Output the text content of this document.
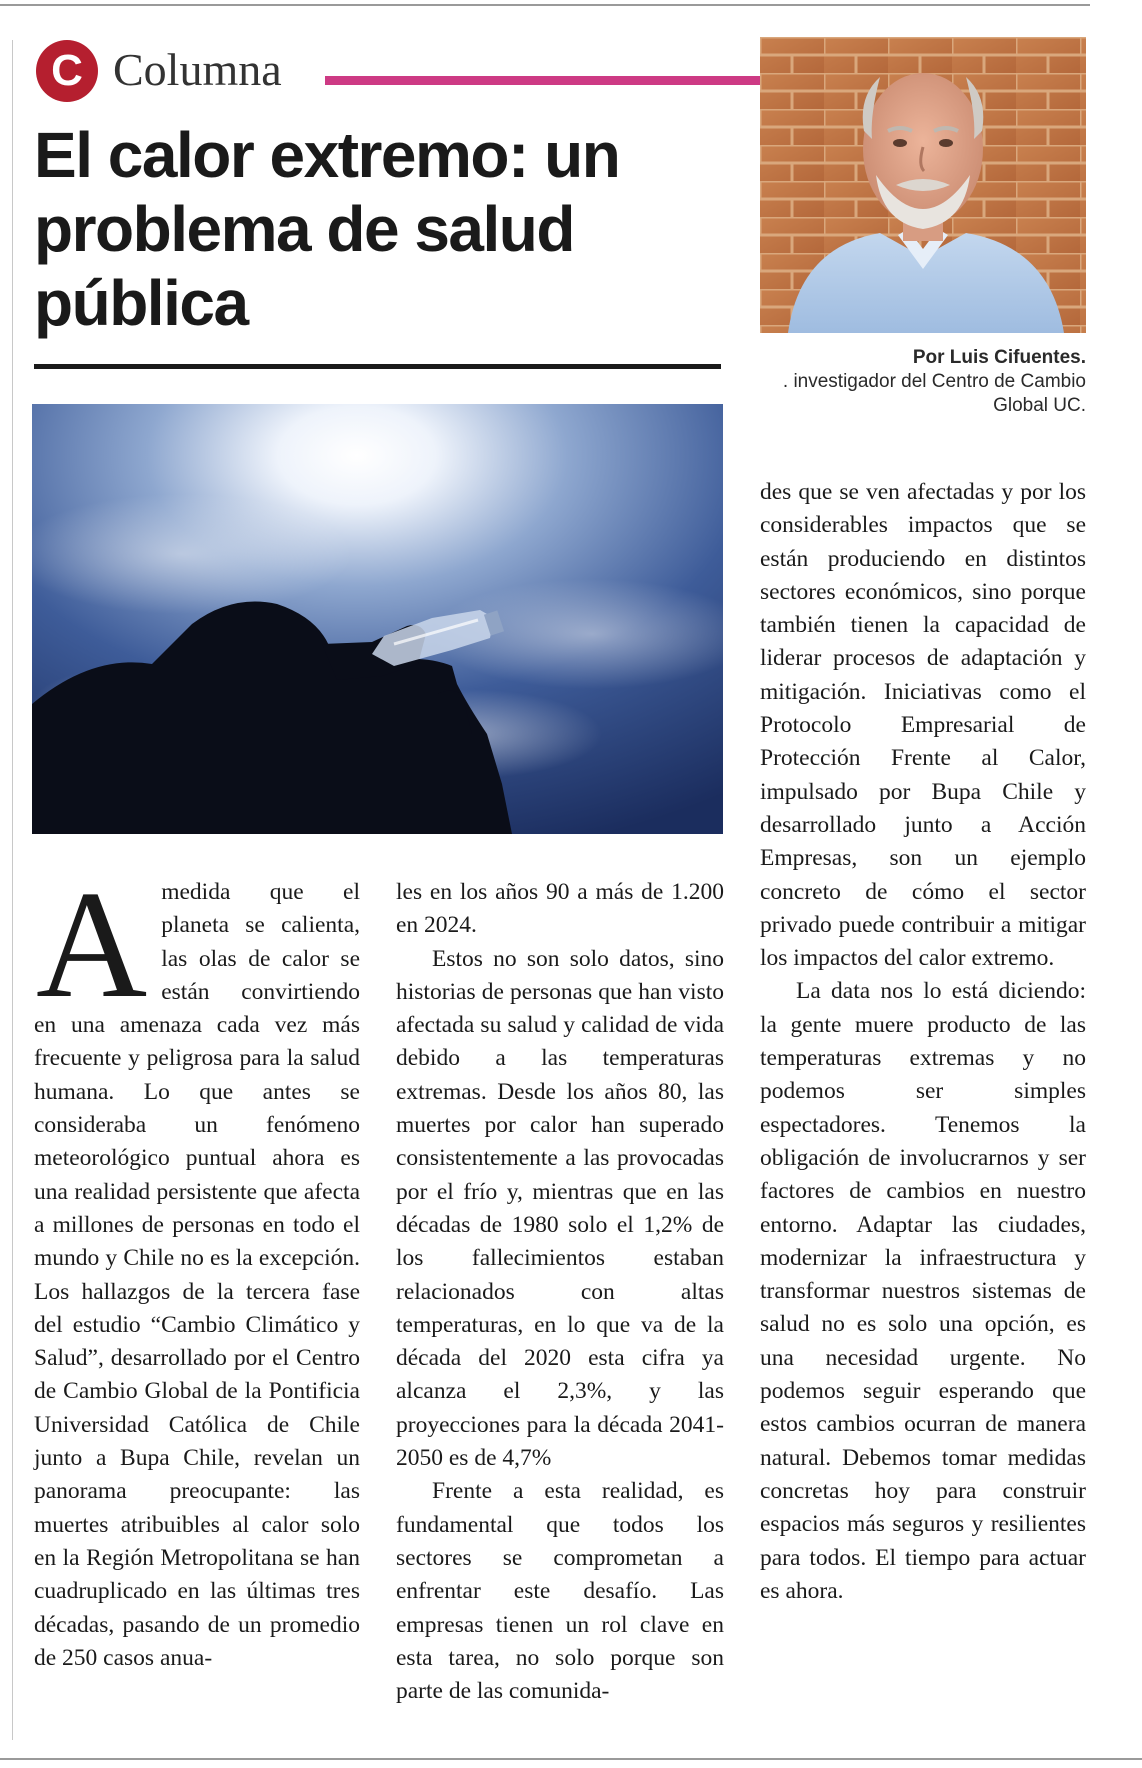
C Columna
El calor extremo: un problema de salud pública
Por Luis Cifuentes.
. investigador del Centro de Cambio Global UC.

Amedida que el planeta se calienta, las olas de calor se están convirtiendo en una amenaza cada vez más frecuente y peligrosa para la salud humana. Lo que antes se consideraba un fenómeno meteorológico puntual ahora es una realidad persistente que afecta a millones de personas en todo el mundo y Chile no es la excepción. Los hallazgos de la tercera fase del estudio “Cambio Climático y Salud”, desarrollado por el Centro de Cambio Global de la Pontificia Universidad Católica de Chile junto a Bupa Chile, revelan un panorama preocupante: las muertes atribuibles al calor solo en la Región Metropolitana se han cuadruplicado en las últimas tres décadas, pasando de un promedio de 250 casos anua-

les en los años 90 a más de 1.200 en 2024.

Estos no son solo datos, sino historias de personas que han visto afectada su salud y calidad de vida debido a las temperaturas extremas. Desde los años 80, las muertes por calor han superado consistentemente a las provocadas por el frío y, mientras que en las décadas de 1980 solo el 1,2% de los fallecimientos estaban relacionados con altas temperaturas, en lo que va de la década del 2020 esta cifra ya alcanza el 2,3%, y las proyecciones para la década 2041-2050 es de 4,7%

Frente a esta realidad, es fundamental que todos los sectores se comprometan a enfrentar este desafío. Las empresas tienen un rol clave en esta tarea, no solo porque son parte de las comunida-

des que se ven afectadas y por los considerables impactos que se están produciendo en distintos sectores económicos, sino porque también tienen la capacidad de liderar procesos de adaptación y mitigación. Iniciativas como el Protocolo Empresarial de Protección Frente al Calor, impulsado por Bupa Chile y desarrollado junto a Acción Empresas, son un ejemplo concreto de cómo el sector privado puede contribuir a mitigar los impactos del calor extremo.

La data nos lo está diciendo: la gente muere producto de las temperaturas extremas y no podemos ser simples espectadores. Tenemos la obligación de involucrarnos y ser factores de cambios en nuestro entorno. Adaptar las ciudades, modernizar la infraestructura y transformar nuestros sistemas de salud no es solo una opción, es una necesidad urgente. No podemos seguir esperando que estos cambios ocurran de manera natural. Debemos tomar medidas concretas hoy para construir espacios más seguros y resilientes para todos. El tiempo para actuar es ahora.
